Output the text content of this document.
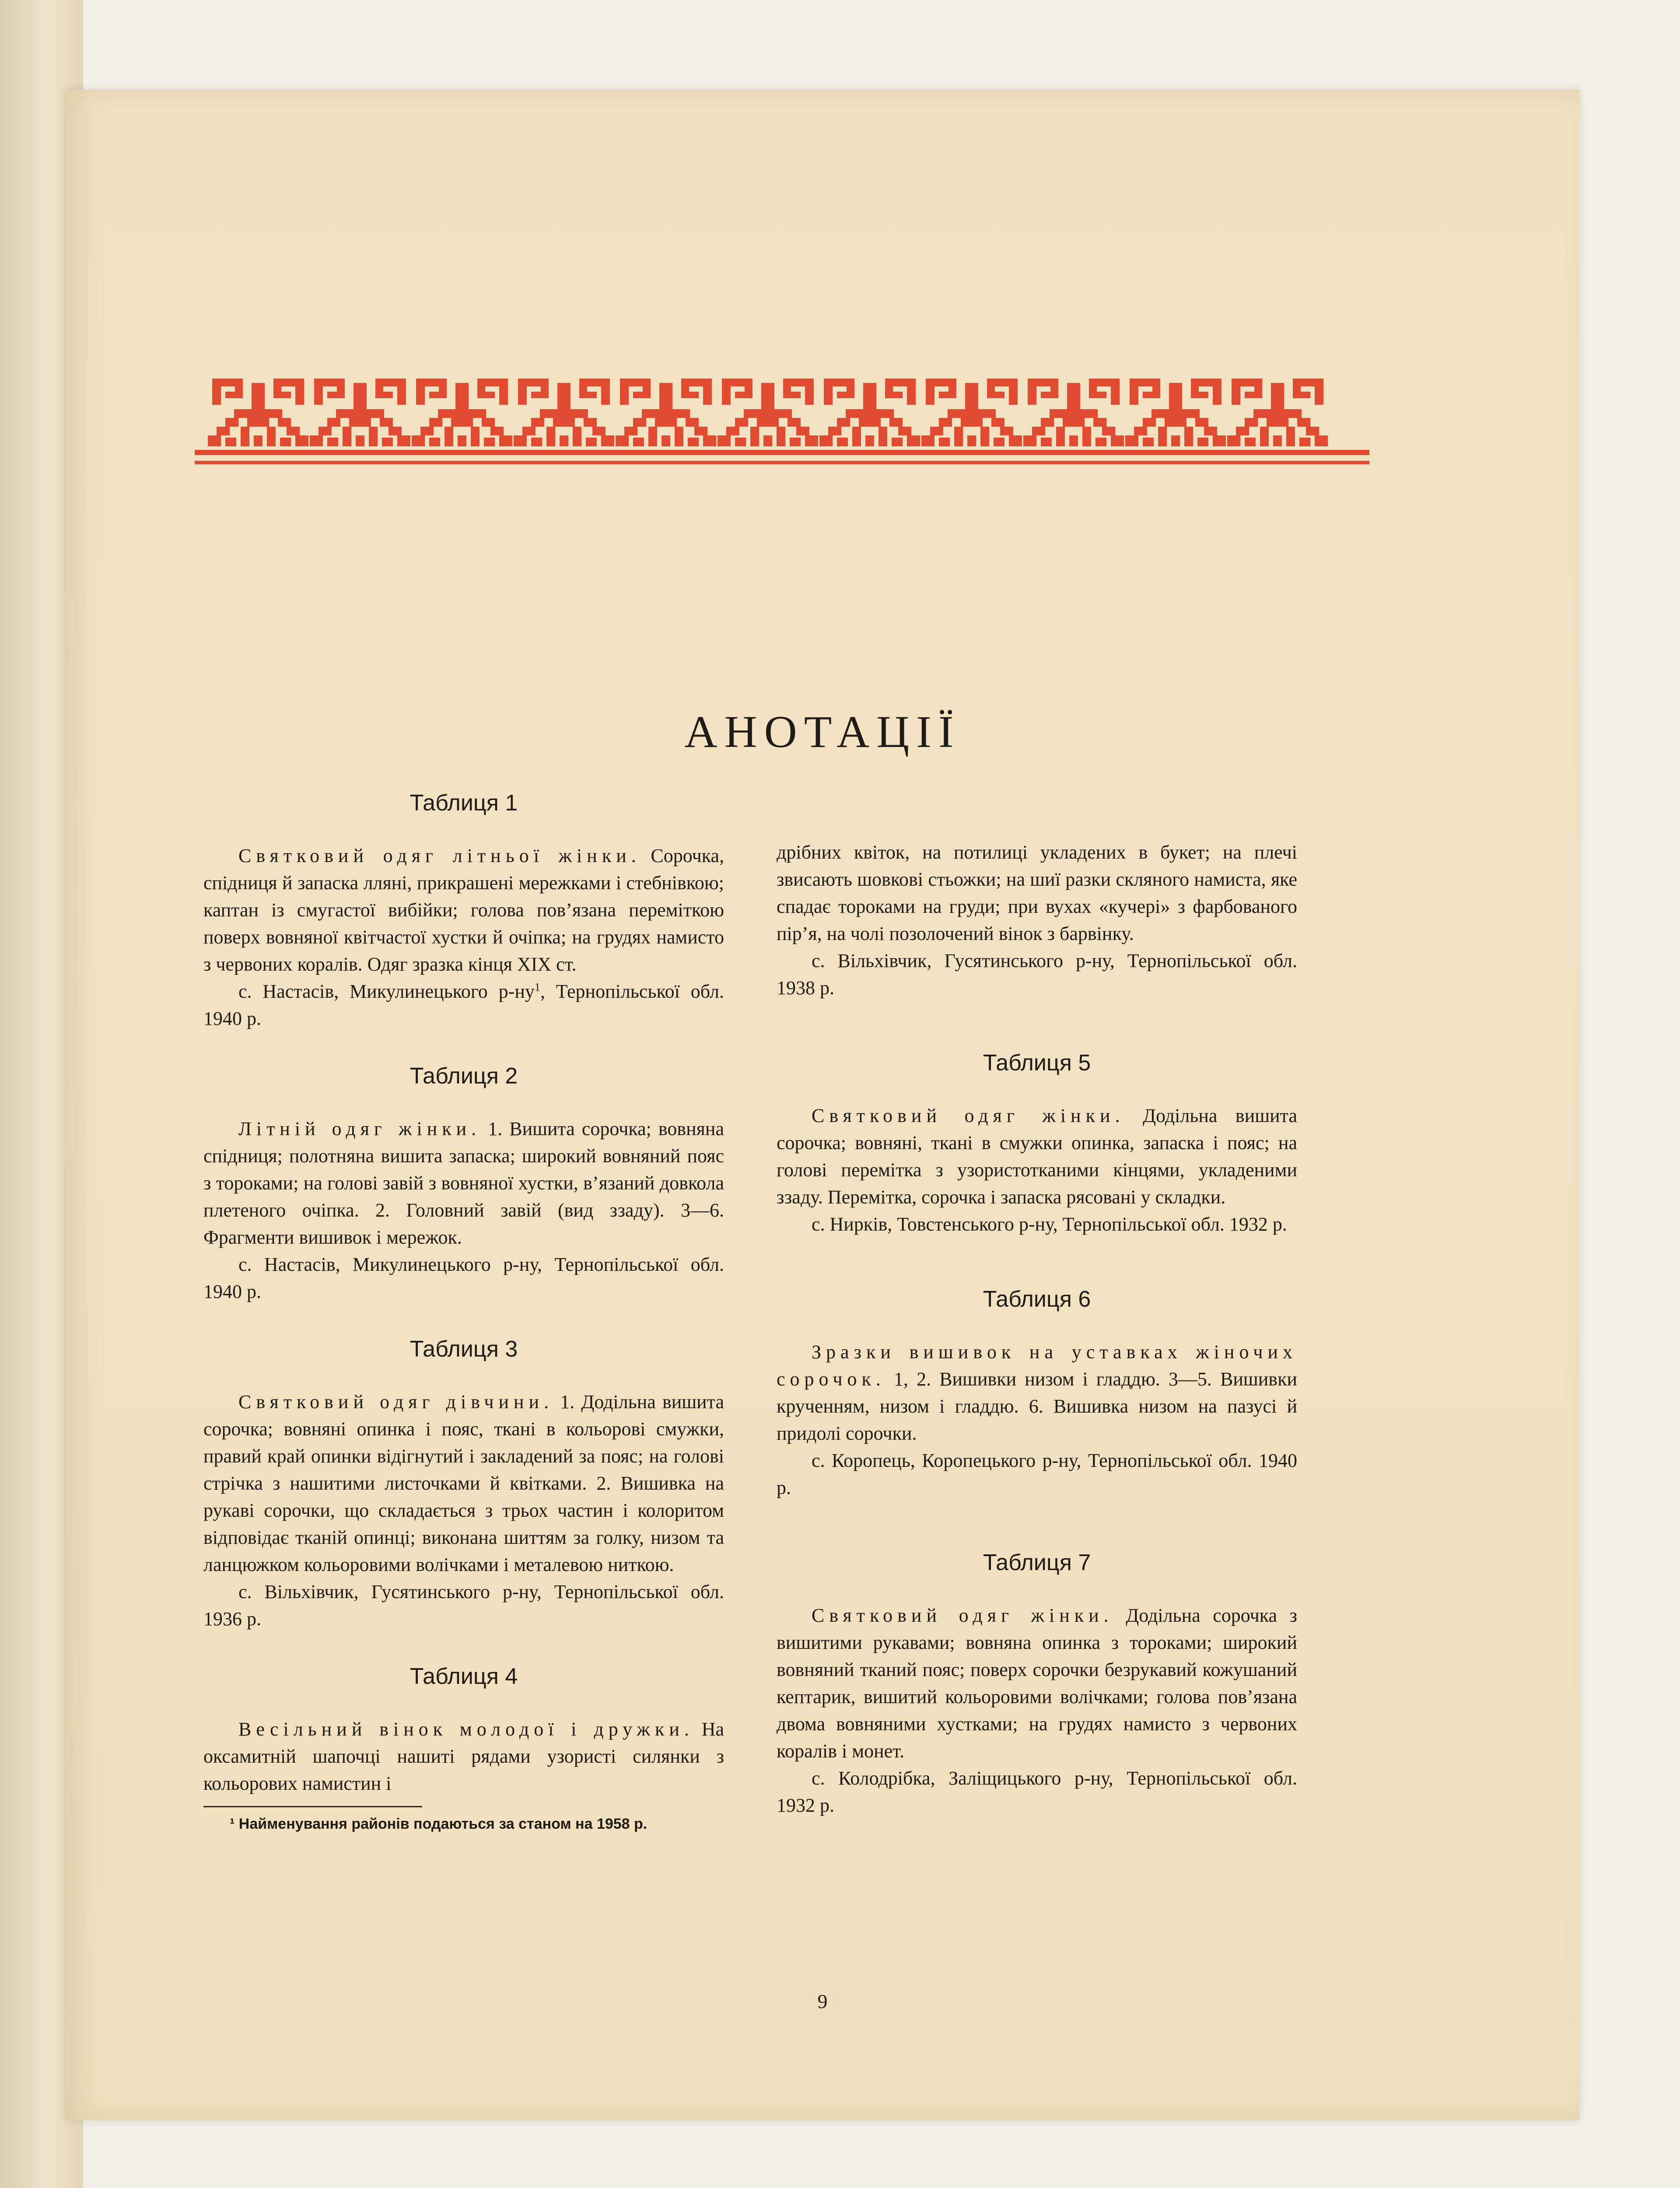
АНОТАЦІЇ
Таблиця 1

Святковий одяг літньої жінки. Сорочка, спідниця й запаска лляні, прикрашені мережками і стебнівкою; каптан із смугастої вибійки; голова пов’язана переміткою поверх вовняної квітчастої хустки й очіпка; на грудях намисто з червоних коралів. Одяг зразка кінця XIX ст.

с. Настасів, Микулинецького $р-ну^1$, Тернопільської обл. 1940 р.

Таблиця 2

Літній одяг жінки. 1. Вишита сорочка; вовняна спідниця; полотняна вишита запаска; широкий вовняний пояс з тороками; на голові завій з вовняної хустки, в’язаний довкола плетеного очіпка. 2. Головний завій (вид ззаду). 3—6. Фрагменти вишивок і мережок.

с. Настасів, Микулинецького р-ну, Тернопільської обл. 1940 р.

Таблиця 3

Святковий одяг дівчини. 1. Додільна вишита сорочка; вовняні опинка і пояс, ткані в кольорові смужки, правий край опинки відігнутий і закладений за пояс; на голові стрічка з нашитими листочками й квітками. 2. Вишивка на рукаві сорочки, що складається з трьох частин і колоритом відповідає тканій опинці; виконана шиттям за голку, низом та ланцюжком кольоровими волічками і металевою ниткою.

с. Вільхівчик, Гусятинського р-ну, Тернопільської обл. 1936 р.

Таблиця 4

Весільний вінок молодої і дружки. На оксамитній шапочці нашиті рядами узористі силянки з кольорових намистин і

¹ Найменування районів подаються за станом на 1958 р.

дрібних квіток, на потилиці укладених в букет; на плечі звисають шовкові стьожки; на шиї разки скляного намиста, яке спадає тороками на груди; при вухах «кучері» з фарбованого пір’я, на чолі позолочений вінок з барвінку.

с. Вільхівчик, Гусятинського р-ну, Тернопільської обл. 1938 р.

Таблиця 5

Святковий одяг жінки. Додільна вишита сорочка; вовняні, ткані в смужки опинка, запаска і пояс; на голові перемітка з узористотканими кінцями, укладеними ззаду. Перемітка, сорочка і запаска рясовані у складки.

с. Нирків, Товстенського р-ну, Тернопільської обл. 1932 р.

Таблиця 6

Зразки вишивок на уставках жіночих сорочок. 1, 2. Вишивки низом і гладдю. 3—5. Вишивки крученням, низом і гладдю. 6. Вишивка низом на пазусі й придолі сорочки.

с. Коропець, Коропецького р-ну, Тернопільської обл. 1940 р.

Таблиця 7

Святковий одяг жінки. Додільна сорочка з вишитими рукавами; вовняна опинка з тороками; широкий вовняний тканий пояс; поверх сорочки безрукавий кожушаний кептарик, вишитий кольоровими волічками; голова пов’язана двома вовняними хустками; на грудях намисто з червоних коралів і монет.

с. Колодрібка, Заліщицького р-ну, Тернопільської обл. 1932 р.

9
